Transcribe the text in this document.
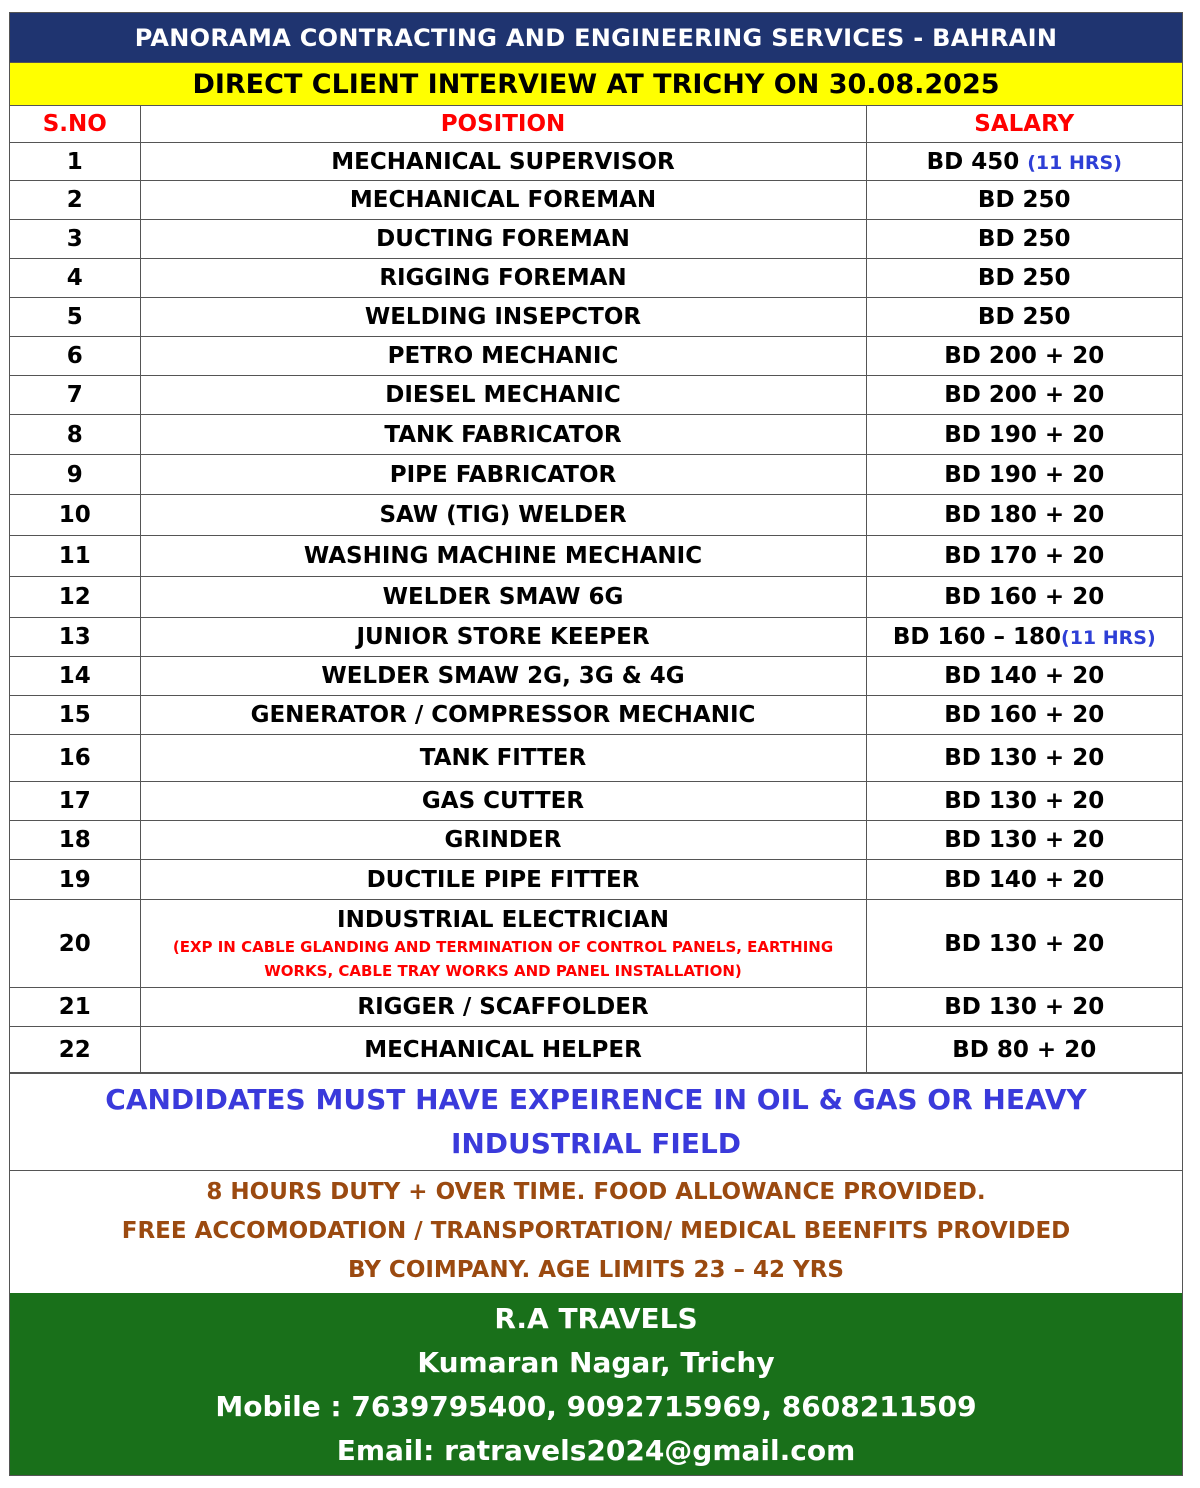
PANORAMA CONTRACTING AND ENGINEERING SERVICES - BAHRAIN
DIRECT CLIENT INTERVIEW AT TRICHY ON 30.08.2025
S.NO	POSITION	SALARY
1	MECHANICAL SUPERVISOR	BD 450 (11 HRS)
2	MECHANICAL FOREMAN	BD 250
3	DUCTING FOREMAN	BD 250
4	RIGGING FOREMAN	BD 250
5	WELDING INSEPCTOR	BD 250
6	PETRO MECHANIC	BD 200 + 20
7	DIESEL MECHANIC	BD 200 + 20
8	TANK FABRICATOR	BD 190 + 20
9	PIPE FABRICATOR	BD 190 + 20
10	SAW (TIG) WELDER	BD 180 + 20
11	WASHING MACHINE MECHANIC	BD 170 + 20
12	WELDER SMAW 6G	BD 160 + 20
13	JUNIOR STORE KEEPER	BD 160 – 180(11 HRS)
14	WELDER SMAW 2G, 3G & 4G	BD 140 + 20
15	GENERATOR / COMPRESSOR MECHANIC	BD 160 + 20
16	TANK FITTER	BD 130 + 20
17	GAS CUTTER	BD 130 + 20
18	GRINDER	BD 130 + 20
19	DUCTILE PIPE FITTER	BD 140 + 20
20	INDUSTRIAL ELECTRICIAN
(EXP IN CABLE GLANDING AND TERMINATION OF CONTROL PANELS, EARTHING WORKS, CABLE TRAY WORKS AND PANEL INSTALLATION)	BD 130 + 20
21	RIGGER / SCAFFOLDER	BD 130 + 20
22	MECHANICAL HELPER	BD 80 + 20
CANDIDATES MUST HAVE EXPEIRENCE IN OIL & GAS OR HEAVY INDUSTRIAL FIELD
8 HOURS DUTY + OVER TIME. FOOD ALLOWANCE PROVIDED.
FREE ACCOMODATION / TRANSPORTATION/ MEDICAL BEENFITS PROVIDED
BY COIMPANY. AGE LIMITS 23 – 42 YRS
R.A TRAVELS
Kumaran Nagar, Trichy
Mobile : 7639795400, 9092715969, 8608211509
Email: ratravels2024@gmail.com
